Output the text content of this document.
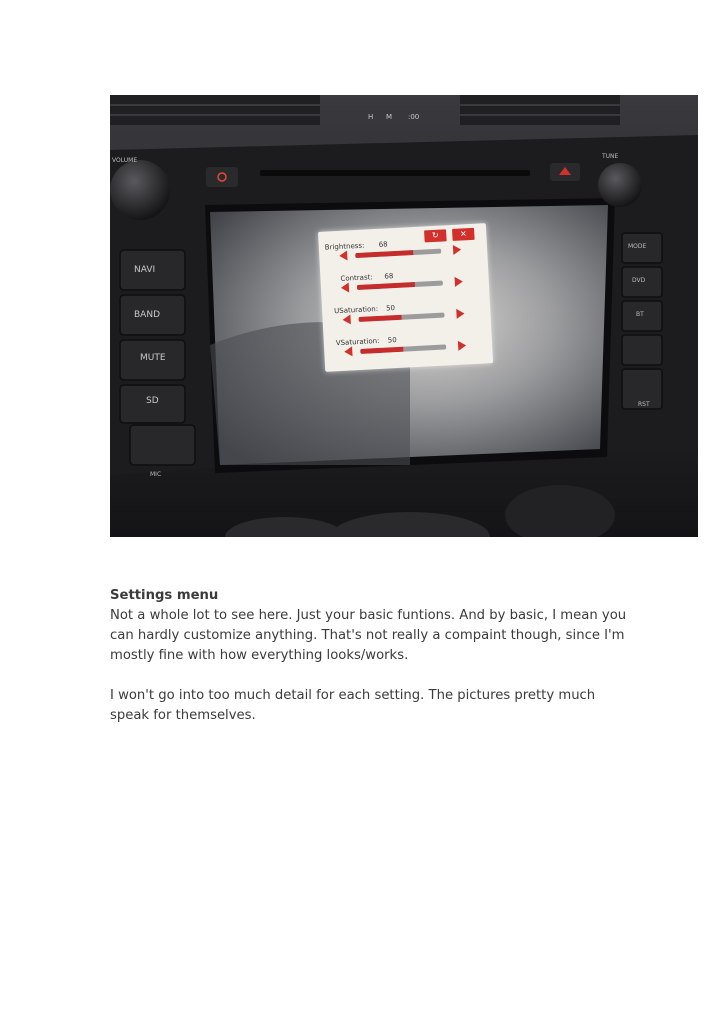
H M :00
VOLUME
TUNE
NAVI
BAND
MUTE
SD
MIC
MODE
DVD
BT
RST
↻	✕
Brightness: 68
Contrast: 68
USaturation: 50
VSaturation: 50
Settings menu

Not a whole lot to see here. Just your basic funtions. And by basic, I mean you can hardly customize anything. That's not really a compaint though, since I'm mostly fine with how everything looks/works.

I won't go into too much detail for each setting. The pictures pretty much speak for themselves.
